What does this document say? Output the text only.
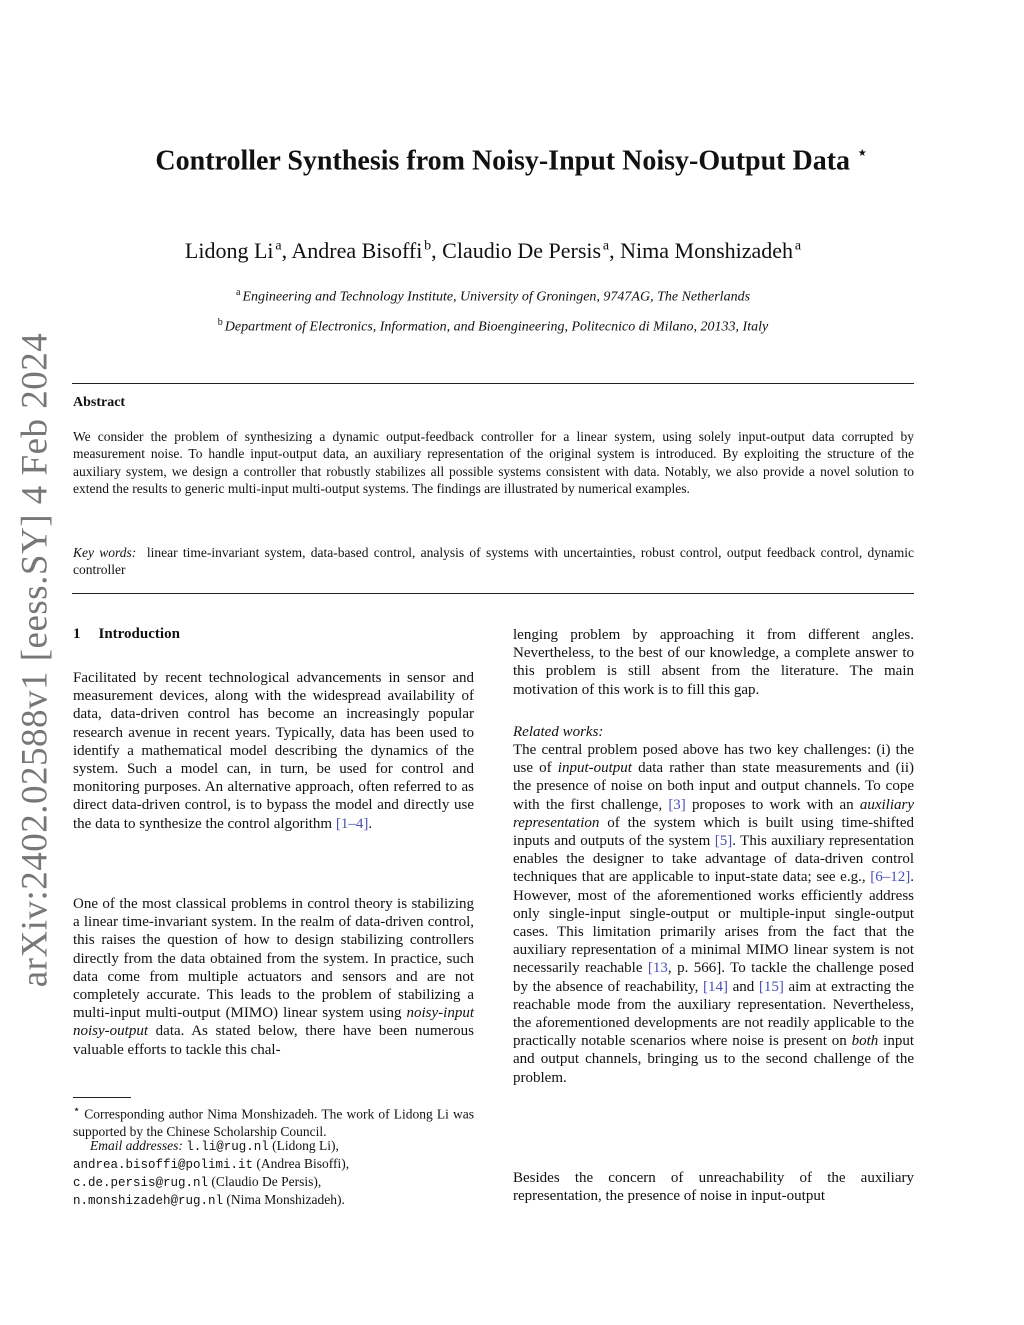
arXiv:2402.02588v1 [eess.SY] 4 Feb 2024
Controller Synthesis from Noisy-Input Noisy-Output Data ⋆
Lidong Li  $^a$, Andrea Bisoffi  $^b$, Claudio De Persis  $^a$, Nima Monshizadeh  $^a$
$^a$ Engineering and Technology Institute, University of Groningen, 9747AG, The Netherlands
$^b$ Department of Electronics, Information, and Bioengineering, Politecnico di Milano, 20133, Italy
Abstract

We consider the problem of synthesizing a dynamic output-feedback controller for a linear system, using solely input-output data corrupted by measurement noise. To handle input-output data, an auxiliary representation of the original system is introduced. By exploiting the structure of the auxiliary system, we design a controller that robustly stabilizes all possible systems consistent with data. Notably, we also provide a novel solution to extend the results to generic multi-input multi-output systems. The findings are illustrated by numerical examples.

Key words: linear time-invariant system, data-based control, analysis of systems with uncertainties, robust control, output feedback control, dynamic controller

1 Introduction

Facilitated by recent technological advancements in sensor and measurement devices, along with the widespread availability of data, data-driven control has become an increasingly popular research avenue in recent years. Typically, data has been used to identify a mathematical model describing the dynamics of the system. Such a model can, in turn, be used for control and monitoring purposes. An alternative approach, often referred to as direct data-driven control, is to bypass the model and directly use the data to synthesize the control algorithm [1–4].

One of the most classical problems in control theory is stabilizing a linear time-invariant system. In the realm of data-driven control, this raises the question of how to design stabilizing controllers directly from the data obtained from the system. In practice, such data come from multiple actuators and sensors and are not completely accurate. This leads to the problem of stabilizing a multi-input multi-output (MIMO) linear system using noisy-input noisy-output data. As stated below, there have been numerous valuable efforts to tackle this chal-

⋆ Corresponding author Nima Monshizadeh. The work of Lidong Li was supported by the Chinese Scholarship Council.

Email addresses: l.li@rug.nl (Lidong Li),
andrea.bisoffi@polimi.it (Andrea Bisoffi),
c.de.persis@rug.nl (Claudio De Persis),
n.monshizadeh@rug.nl (Nima Monshizadeh).

lenging problem by approaching it from different angles. Nevertheless, to the best of our knowledge, a complete answer to this problem is still absent from the literature. The main motivation of this work is to fill this gap.

Related works:

The central problem posed above has two key challenges: (i) the use of input-output data rather than state measurements and (ii) the presence of noise on both input and output channels. To cope with the first challenge, [3] proposes to work with an auxiliary representation of the system which is built using time-shifted inputs and outputs of the system [5]. This auxiliary representation enables the designer to take advantage of data-driven control techniques that are applicable to input-state data; see e.g., [6–12]. However, most of the aforementioned works efficiently address only single-input single-output or multiple-input single-output cases. This limitation primarily arises from the fact that the auxiliary representation of a minimal MIMO linear system is not necessarily reachable [13, p. 566]. To tackle the challenge posed by the absence of reachability, [14] and [15] aim at extracting the reachable mode from the auxiliary representation. Nevertheless, the aforementioned developments are not readily applicable to the practically notable scenarios where noise is present on both input and output channels, bringing us to the second challenge of the problem.

Besides the concern of unreachability of the auxiliary representation, the presence of noise in input-output
